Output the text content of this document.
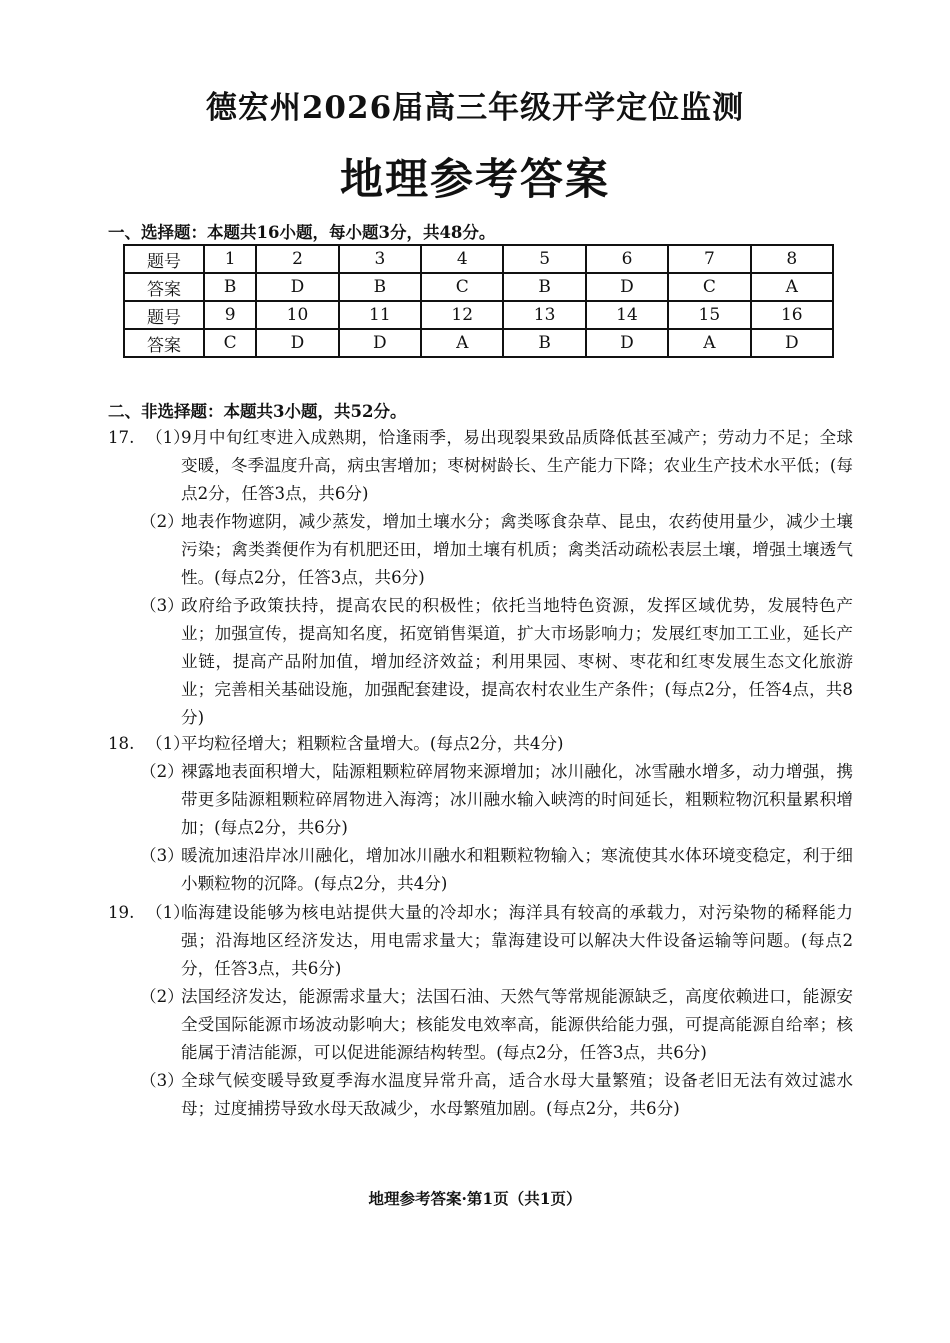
德宏州2026届高三年级开学定位监测
地理参考答案
一、选择题：本题共16小题，每小题3分，共48分。
题号	1	2	3	4	5	6	7	8
答案	B	D	B	C	B	D	C	A
题号	9	10	11	12	13	14	15	16
答案	C	D	D	A	B	D	A	D
二、非选择题：本题共3小题，共52分。
17. （1）
9月中旬红枣进入成熟期，恰逢雨季，易出现裂果致品质降低甚至减产；劳动力不足；全球变暖，冬季温度升高，病虫害增加；枣树树龄长、生产能力下降；农业生产技术水平低；(每点2分，任答3点，共6分)
（2）
地表作物遮阴，减少蒸发，增加土壤水分；禽类啄食杂草、昆虫，农药使用量少，减少土壤污染；禽类粪便作为有机肥还田，增加土壤有机质；禽类活动疏松表层土壤，增强土壤透气性。(每点2分，任答3点，共6分)
（3）
政府给予政策扶持，提高农民的积极性；依托当地特色资源，发挥区域优势，发展特色产业；加强宣传，提高知名度，拓宽销售渠道，扩大市场影响力；发展红枣加工工业，延长产业链，提高产品附加值，增加经济效益；利用果园、枣树、枣花和红枣发展生态文化旅游业；完善相关基础设施，加强配套建设，提高农村农业生产条件；(每点2分，任答4点，共8分)
18. （1）
平均粒径增大；粗颗粒含量增大。(每点2分，共4分)
（2）
裸露地表面积增大，陆源粗颗粒碎屑物来源增加；冰川融化，冰雪融水增多，动力增强，携带更多陆源粗颗粒碎屑物进入海湾；冰川融水输入峡湾的时间延长，粗颗粒物沉积量累积增加；(每点2分，共6分)
（3）
暖流加速沿岸冰川融化，增加冰川融水和粗颗粒物输入；寒流使其水体环境变稳定，利于细小颗粒物的沉降。(每点2分，共4分)
19. （1）
临海建设能够为核电站提供大量的冷却水；海洋具有较高的承载力，对污染物的稀释能力强；沿海地区经济发达，用电需求量大；靠海建设可以解决大件设备运输等问题。(每点2分，任答3点，共6分)
（2）
法国经济发达，能源需求量大；法国石油、天然气等常规能源缺乏，高度依赖进口，能源安全受国际能源市场波动影响大；核能发电效率高，能源供给能力强，可提高能源自给率；核能属于清洁能源，可以促进能源结构转型。(每点2分，任答3点，共6分)
（3）
全球气候变暖导致夏季海水温度异常升高，适合水母大量繁殖；设备老旧无法有效过滤水母；过度捕捞导致水母天敌减少，水母繁殖加剧。(每点2分，共6分)
地理参考答案·第1页（共1页）
